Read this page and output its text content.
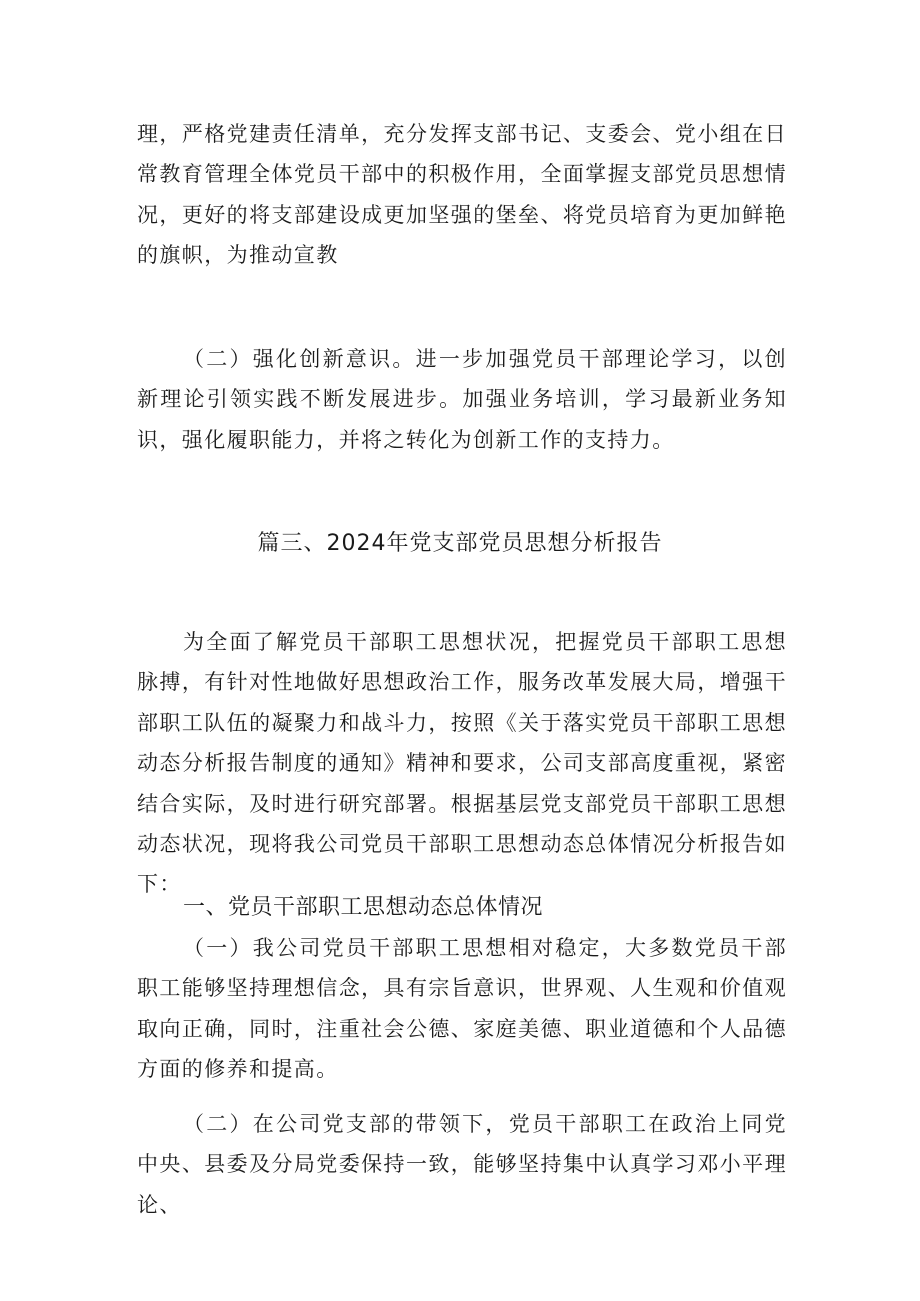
理，严格党建责任清单，充分发挥支部书记、支委会、党小组在日常教育管理全体党员干部中的积极作用，全面掌握支部党员思想情况，更好的将支部建设成更加坚强的堡垒、将党员培育为更加鲜艳的旗帜，为推动宣教

（二）强化创新意识。进一步加强党员干部理论学习，以创新理论引领实践不断发展进步。加强业务培训，学习最新业务知识，强化履职能力，并将之转化为创新工作的支持力。

篇三、2024年党支部党员思想分析报告

为全面了解党员干部职工思想状况，把握党员干部职工思想脉搏，有针对性地做好思想政治工作，服务改革发展大局，增强干部职工队伍的凝聚力和战斗力，按照《关于落实党员干部职工思想动态分析报告制度的通知》精神和要求，公司支部高度重视，紧密结合实际，及时进行研究部署。根据基层党支部党员干部职工思想动态状况，现将我公司党员干部职工思想动态总体情况分析报告如下：

一、党员干部职工思想动态总体情况

（一）我公司党员干部职工思想相对稳定，大多数党员干部职工能够坚持理想信念，具有宗旨意识，世界观、人生观和价值观取向正确，同时，注重社会公德、家庭美德、职业道德和个人品德方面的修养和提高。

（二）在公司党支部的带领下，党员干部职工在政治上同党中央、县委及分局党委保持一致，能够坚持集中认真学习邓小平理论、
